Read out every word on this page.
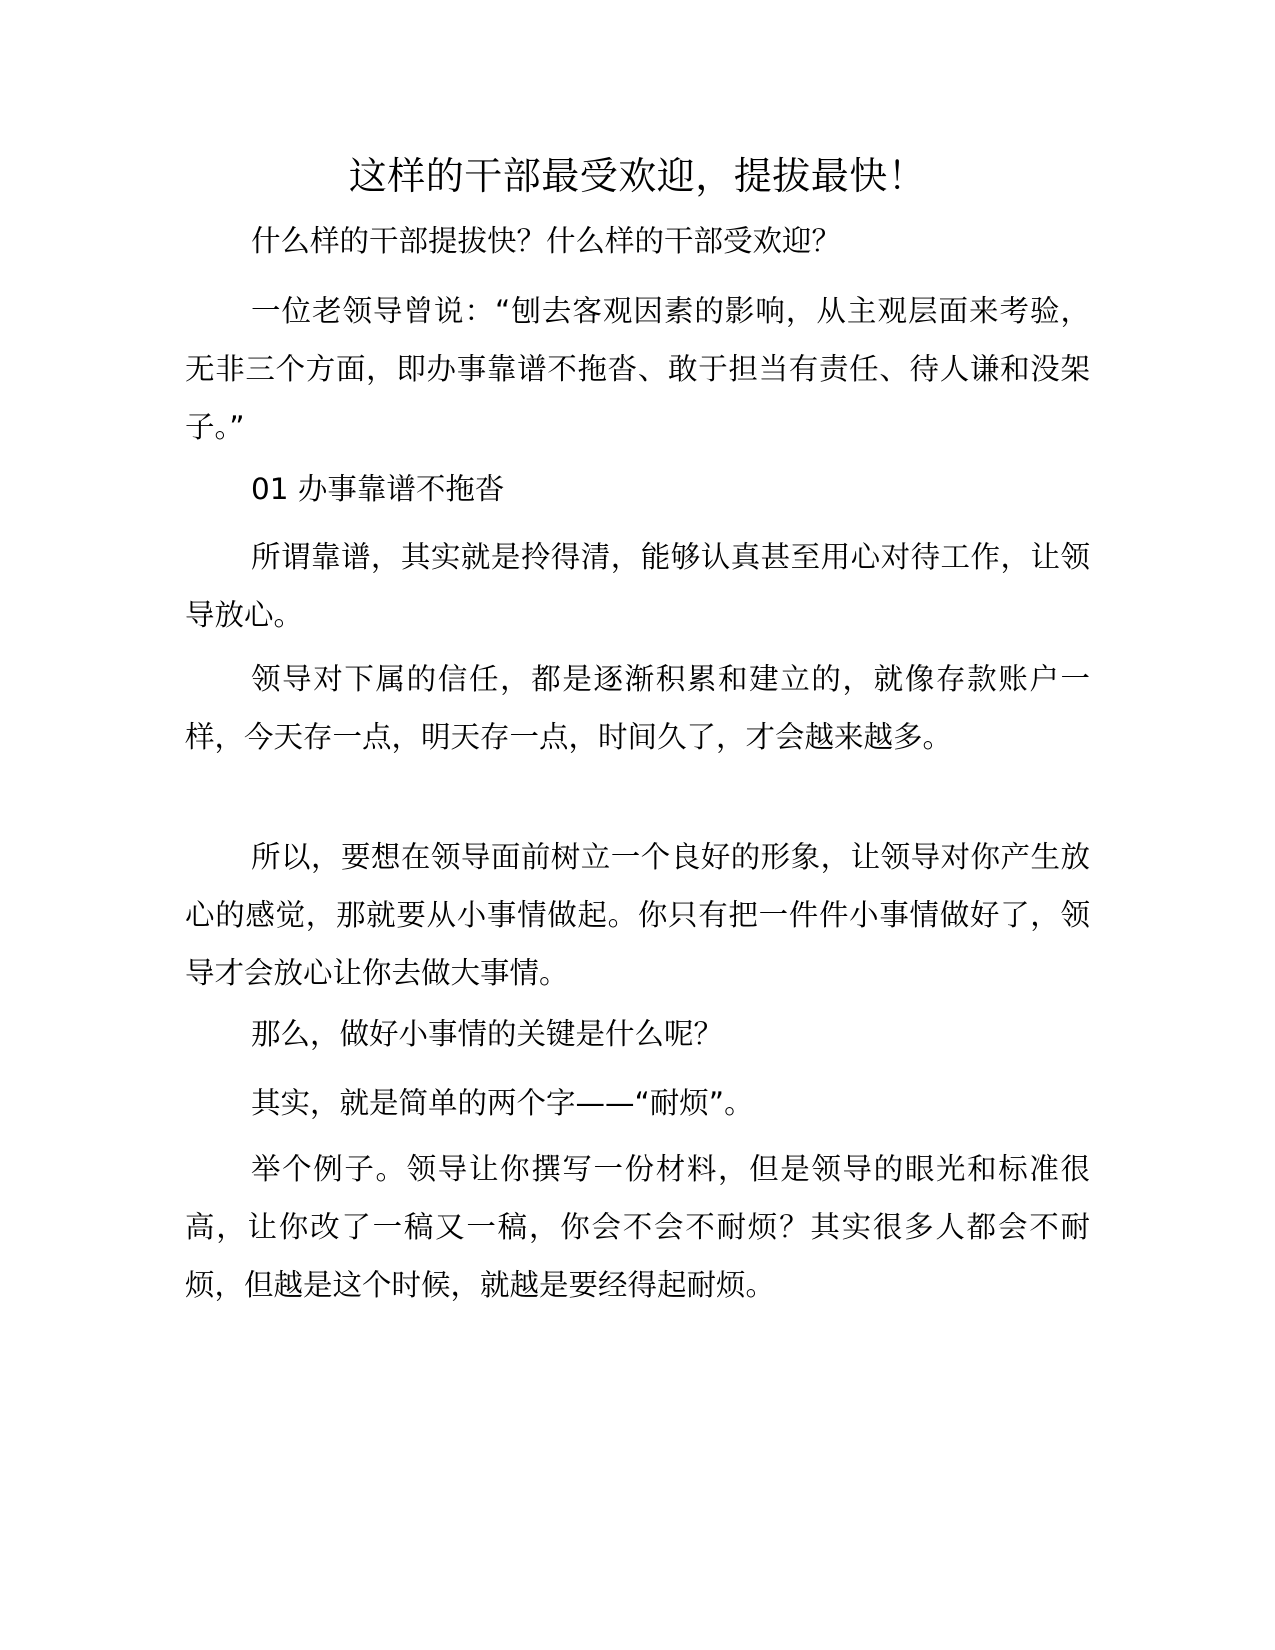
这样的干部最受欢迎，提拔最快！

什么样的干部提拔快？什么样的干部受欢迎？

一位老领导曾说：“刨去客观因素的影响，从主观层面来考验，无非三个方面，即办事靠谱不拖沓、敢于担当有责任、待人谦和没架子。”

01 办事靠谱不拖沓

所谓靠谱，其实就是拎得清，能够认真甚至用心对待工作，让领导放心。

领导对下属的信任，都是逐渐积累和建立的，就像存款账户一样，今天存一点，明天存一点，时间久了，才会越来越多。

所以，要想在领导面前树立一个良好的形象，让领导对你产生放心的感觉，那就要从小事情做起。你只有把一件件小事情做好了，领导才会放心让你去做大事情。

那么，做好小事情的关键是什么呢？

其实，就是简单的两个字——“耐烦”。

举个例子。领导让你撰写一份材料，但是领导的眼光和标准很高，让你改了一稿又一稿，你会不会不耐烦？其实很多人都会不耐烦，但越是这个时候，就越是要经得起耐烦。
